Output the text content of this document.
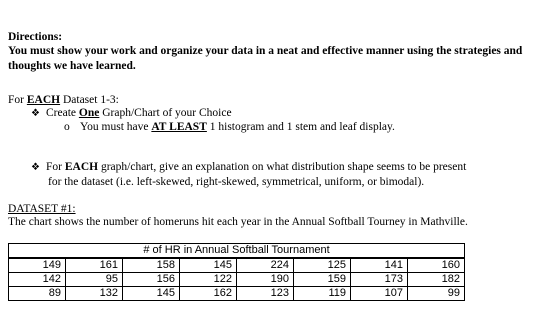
Directions:
You must show your work and organize your data in a neat and effective manner using the strategies and thoughts we have learned.
For EACH Dataset 1-3:
❖ Create One Graph/Chart of your Choice
o You must have AT LEAST 1 histogram and 1 stem and leaf display.
❖ For EACH graph/chart, give an explanation on what distribution shape seems to be present
for the dataset (i.e. left-skewed, right-skewed, symmetrical, uniform, or bimodal).
DATASET #1:
The chart shows the number of homeruns hit each year in the Annual Softball Tourney in Mathville.
# of HR in Annual Softball Tournament							
149	161	158	145	224	125	141	160
142	95	156	122	190	159	173	182
89	132	145	162	123	119	107	99
